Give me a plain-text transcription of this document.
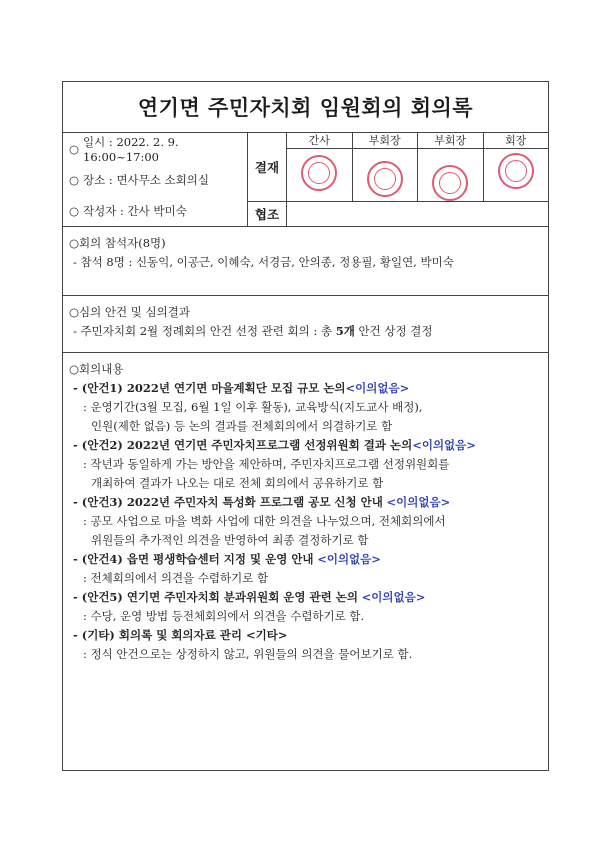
연기면 주민자치회 임원회의 회의록
○ 일시 : 2022. 2. 9. 16:00~17:00
○ 장소 : 면사무소 소회의실
○ 작성자 : 간사 박미숙
결재
간사	부회장	부회장	회장
협조
○ 회의 참석자(8명)
- 참석 8명 : 신동익, 이공근, 이혜숙, 서경금, 안의종, 정용필, 황일연, 박미숙
○ 심의 안건 및 심의결과
- 주민자치회 2월 정례회의 안건 선정 관련 회의 : 총 5개 안건 상정 결정
○ 회의내용
- (안건1) 2022년 연기면 마을계획단 모집 규모 논의<이의없음>
: 운영기간(3월 모집, 6월 1일 이후 활동), 교육방식(지도교사 배정),
인원(제한 없음) 등 논의 결과를 전체회의에서 의결하기로 함
- (안건2) 2022년 연기면 주민자치프로그램 선정위원회 결과 논의<이의없음>
: 작년과 동일하게 가는 방안을 제안하며, 주민자치프로그램 선정위원회를
개최하여 결과가 나오는 대로 전체 회의에서 공유하기로 함
- (안건3) 2022년 주민자치 특성화 프로그램 공모 신청 안내 <이의없음>
: 공모 사업으로 마을 벽화 사업에 대한 의견을 나누었으며, 전체회의에서
위원들의 추가적인 의견을 반영하여 최종 결정하기로 함
- (안건4) 읍면 평생학습센터 지정 및 운영 안내 <이의없음>
: 전체회의에서 의견을 수렴하기로 함
- (안건5) 연기면 주민자치회 분과위원회 운영 관련 논의 <이의없음>
: 수당, 운영 방법 등전체회의에서 의견을 수렴하기로 함.
- (기타) 회의록 및 회의자료 관리 <기타>
: 정식 안건으로는 상정하지 않고, 위원들의 의견을 물어보기로 함.
